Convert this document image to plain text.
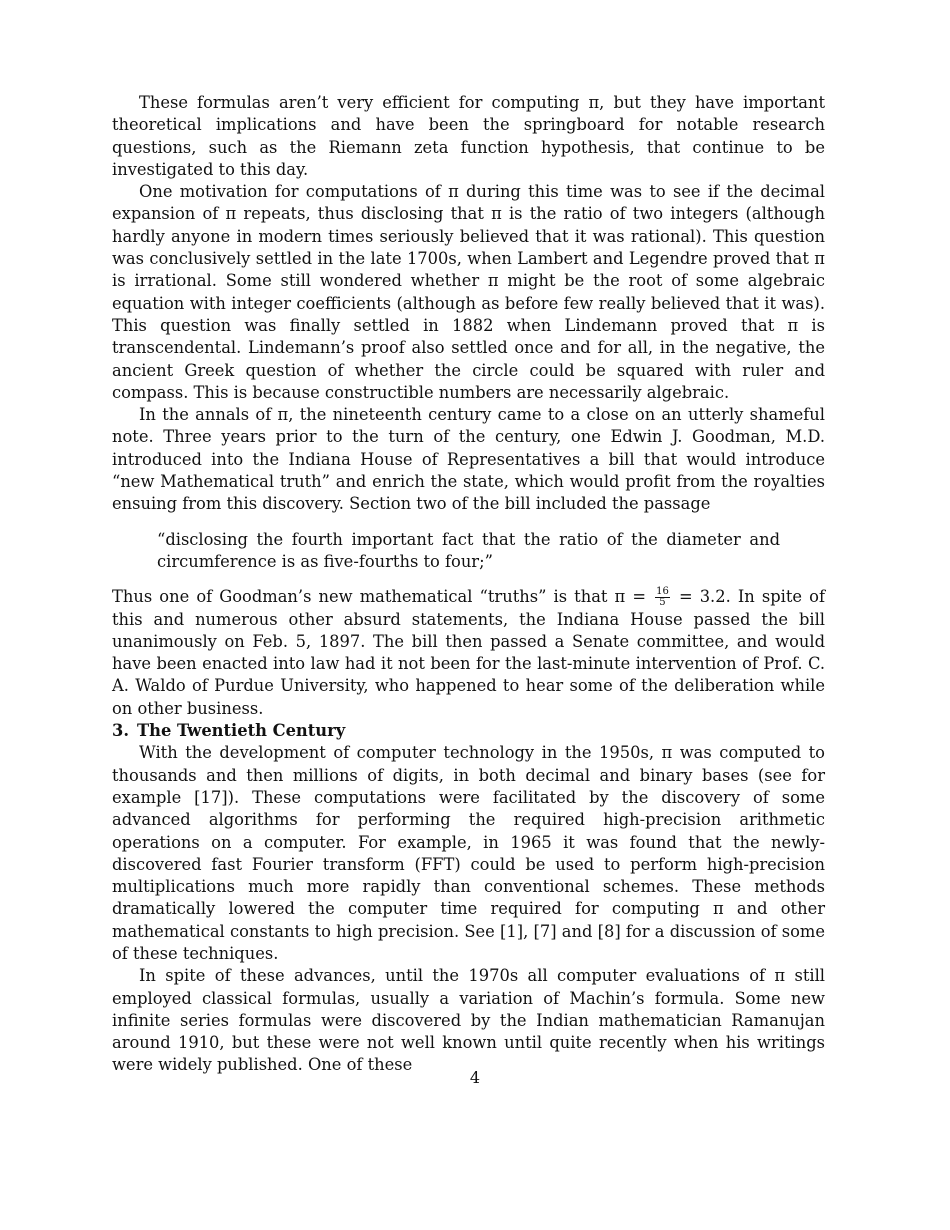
These formulas aren’t very efficient for computing π, but they have important theoretical implications and have been the springboard for notable research questions, such as the Riemann zeta function hypothesis, that continue to be investigated to this day.

One motivation for computations of π during this time was to see if the decimal expansion of π repeats, thus disclosing that π is the ratio of two integers (although hardly anyone in modern times seriously believed that it was rational). This question was conclusively settled in the late 1700s, when Lambert and Legendre proved that π is irrational. Some still wondered whether π might be the root of some algebraic equation with integer coefficients (although as before few really believed that it was). This question was finally settled in 1882 when Lindemann proved that π is transcendental. Lindemann’s proof also settled once and for all, in the negative, the ancient Greek question of whether the circle could be squared with ruler and compass. This is because constructible numbers are necessarily algebraic.

In the annals of π, the nineteenth century came to a close on an utterly shameful note. Three years prior to the turn of the century, one Edwin J. Goodman, M.D. introduced into the Indiana House of Representatives a bill that would introduce “new Mathematical truth” and enrich the state, which would profit from the royalties ensuing from this discovery. Section two of the bill included the passage

“disclosing the fourth important fact that the ratio of the diameter and circumference is as five-fourths to four;”

Thus one of Goodman’s new mathematical “truths” is that $\pi = \frac{16}{5} = 3.2$. In spite of this and numerous other absurd statements, the Indiana House passed the bill unanimously on Feb. 5, 1897. The bill then passed a Senate committee, and would have been enacted into law had it not been for the last-minute intervention of Prof. C. A. Waldo of Purdue University, who happened to hear some of the deliberation while on other business.

3. The Twentieth Century

With the development of computer technology in the 1950s, π was computed to thousands and then millions of digits, in both decimal and binary bases (see for example [17]). These computations were facilitated by the discovery of some advanced algorithms for performing the required high-precision arithmetic operations on a computer. For example, in 1965 it was found that the newly-discovered fast Fourier transform (FFT) could be used to perform high-precision multiplications much more rapidly than conventional schemes. These methods dramatically lowered the computer time required for computing π and other mathematical constants to high precision. See [1], [7] and [8] for a discussion of some of these techniques.

In spite of these advances, until the 1970s all computer evaluations of π still employed classical formulas, usually a variation of Machin’s formula. Some new infinite series formulas were discovered by the Indian mathematician Ramanujan around 1910, but these were not well known until quite recently when his writings were widely published. One of these

4
